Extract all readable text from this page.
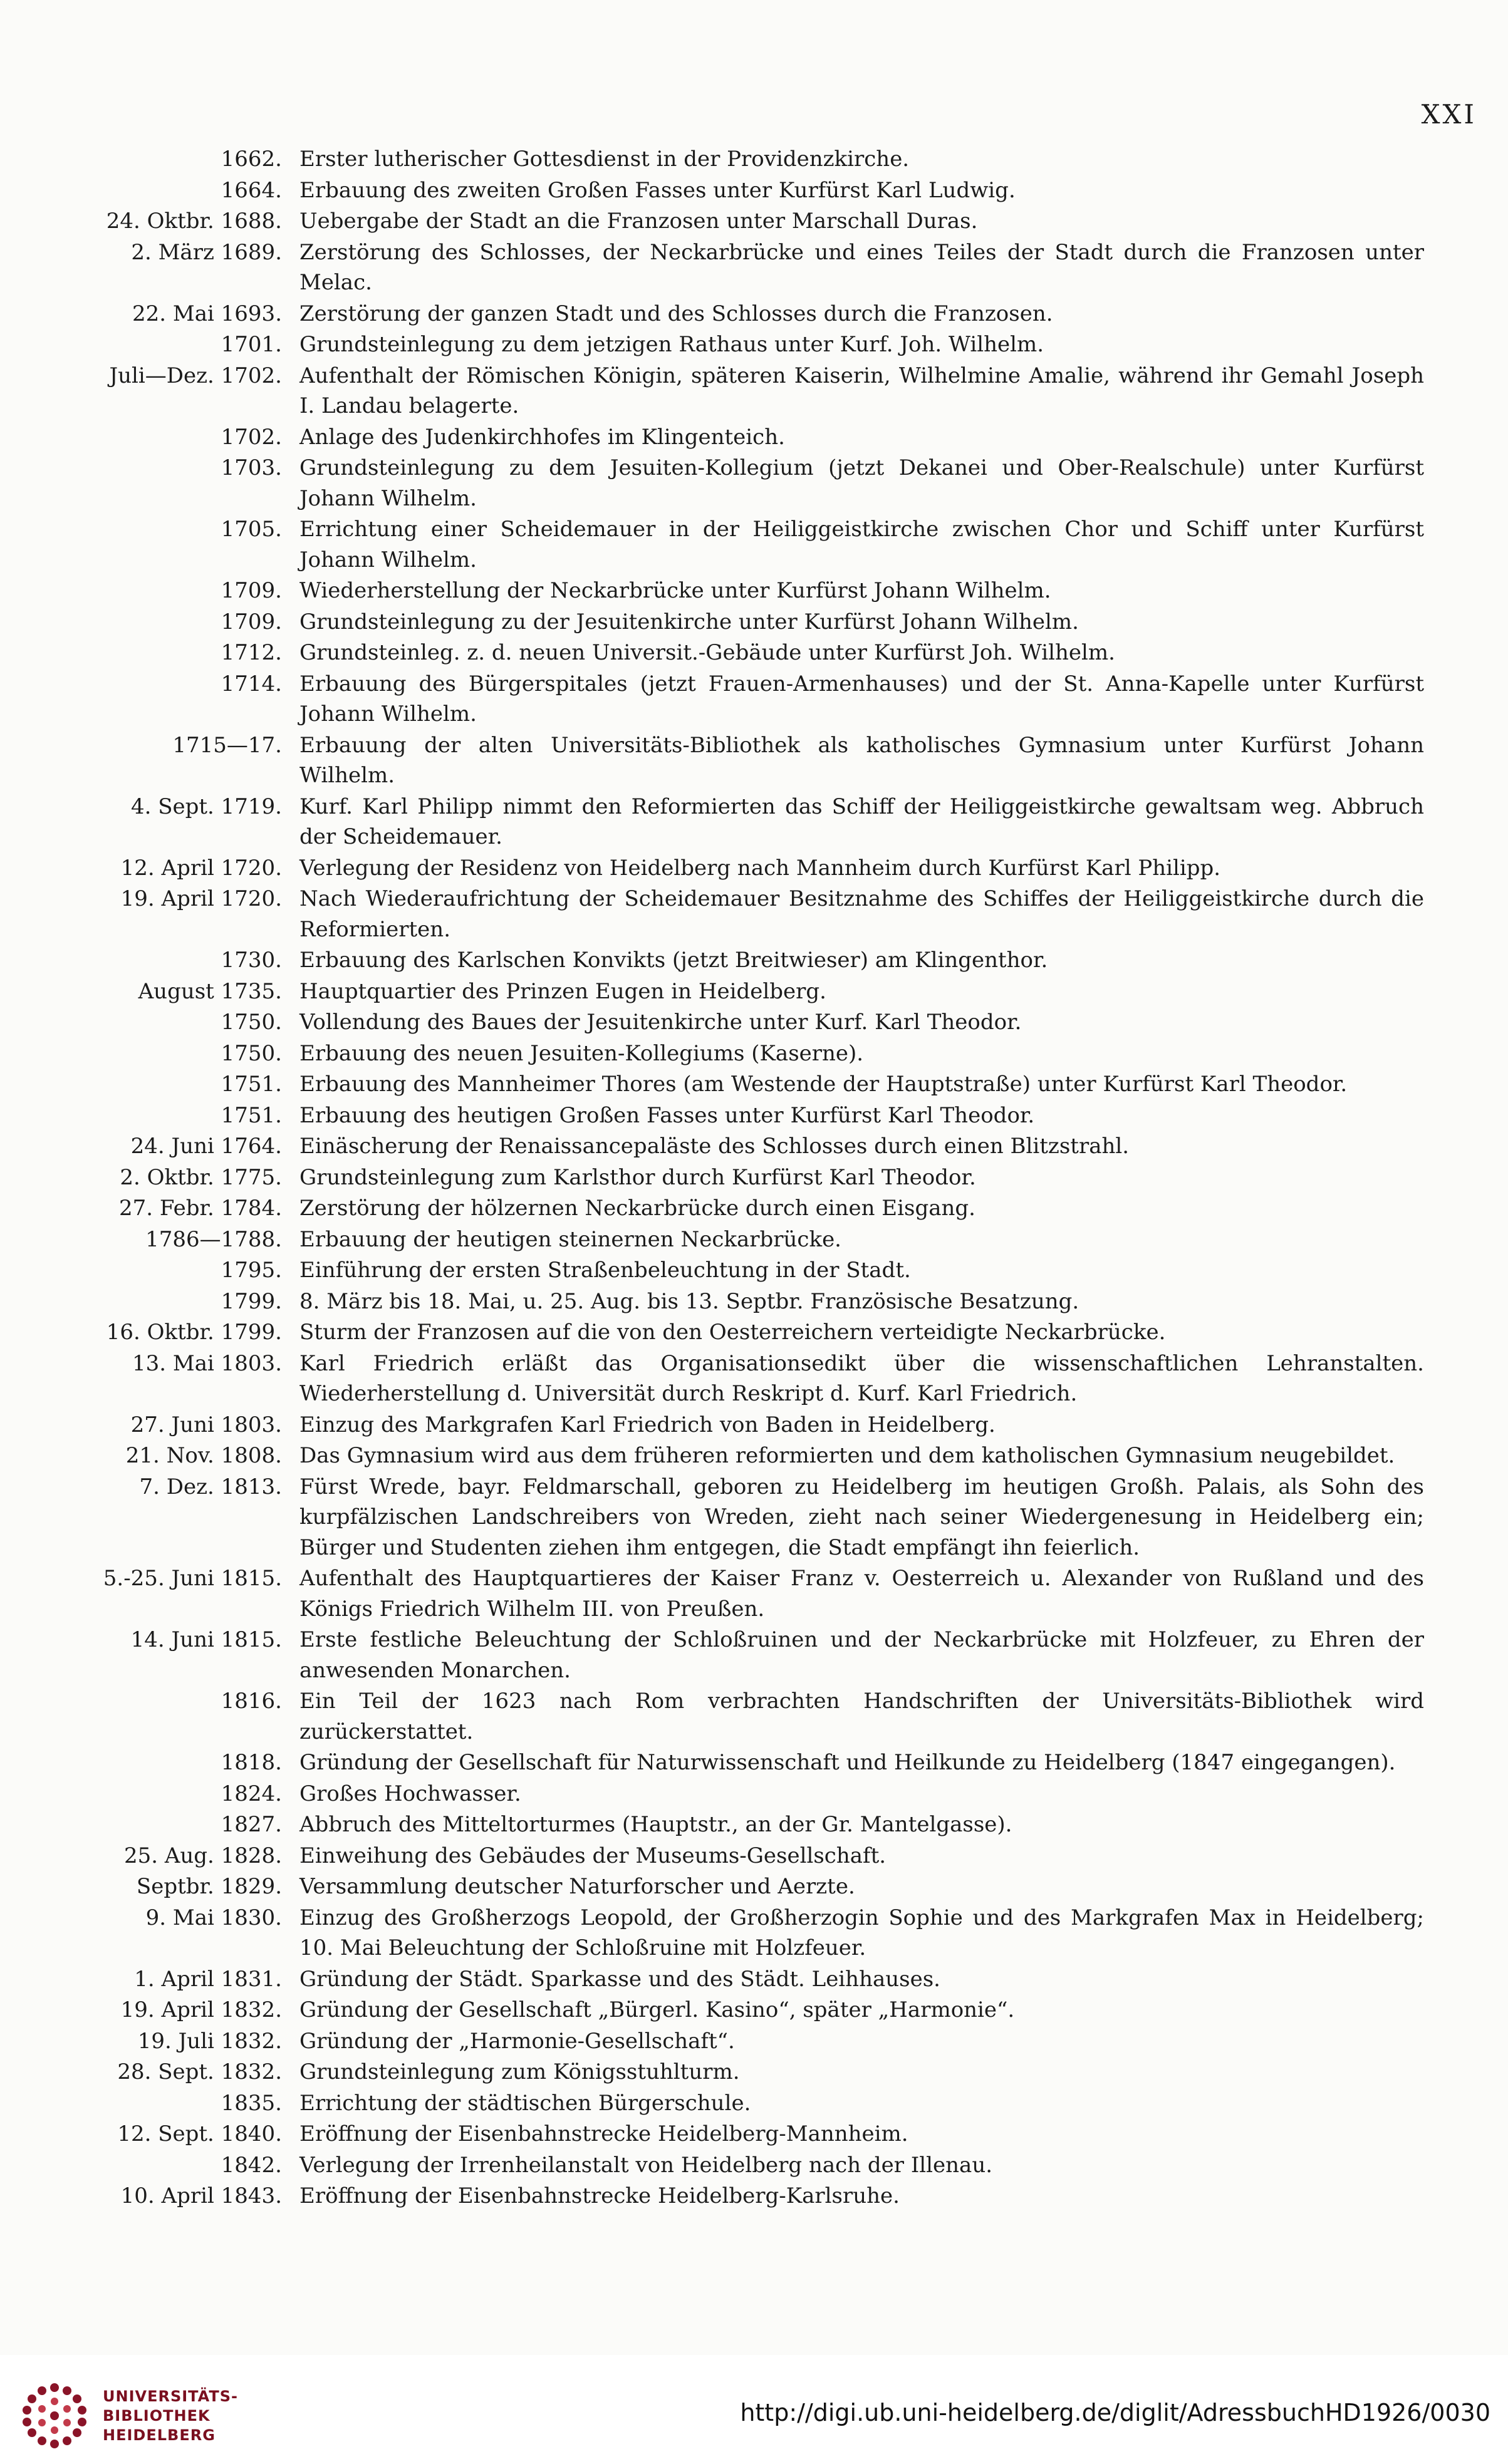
XXI
1662. Erster lutherischer Gottesdienst in der Providenzkirche.
1664. Erbauung des zweiten Großen Fasses unter Kurfürst Karl Ludwig.
24. Oktbr. 1688. Uebergabe der Stadt an die Franzosen unter Marschall Duras.
2. März 1689. Zerstörung des Schlosses, der Neckarbrücke und eines Teiles der Stadt durch die Franzosen unter Melac.
22. Mai 1693. Zerstörung der ganzen Stadt und des Schlosses durch die Franzosen.
1701. Grundsteinlegung zu dem jetzigen Rathaus unter Kurf. Joh. Wilhelm.
Juli—Dez. 1702. Aufenthalt der Römischen Königin, späteren Kaiserin, Wilhelmine Amalie, während ihr Gemahl Joseph I. Landau belagerte.
1702. Anlage des Judenkirchhofes im Klingenteich.
1703. Grundsteinlegung zu dem Jesuiten-Kollegium (jetzt Dekanei und Ober-Realschule) unter Kurfürst Johann Wilhelm.
1705. Errichtung einer Scheidemauer in der Heiliggeistkirche zwischen Chor und Schiff unter Kurfürst Johann Wilhelm.
1709. Wiederherstellung der Neckarbrücke unter Kurfürst Johann Wilhelm.
1709. Grundsteinlegung zu der Jesuitenkirche unter Kurfürst Johann Wilhelm.
1712. Grundsteinleg. z. d. neuen Universit.-Gebäude unter Kurfürst Joh. Wilhelm.
1714. Erbauung des Bürgerspitales (jetzt Frauen-Armenhauses) und der St. Anna-Kapelle unter Kurfürst Johann Wilhelm.
1715—17. Erbauung der alten Universitäts-Bibliothek als katholisches Gymnasium unter Kurfürst Johann Wilhelm.
4. Sept. 1719. Kurf. Karl Philipp nimmt den Reformierten das Schiff der Heiliggeistkirche gewaltsam weg. Abbruch der Scheidemauer.
12. April 1720. Verlegung der Residenz von Heidelberg nach Mannheim durch Kurfürst Karl Philipp.
19. April 1720. Nach Wiederaufrichtung der Scheidemauer Besitznahme des Schiffes der Heiliggeistkirche durch die Reformierten.
1730. Erbauung des Karlschen Konvikts (jetzt Breitwieser) am Klingenthor.
August 1735. Hauptquartier des Prinzen Eugen in Heidelberg.
1750. Vollendung des Baues der Jesuitenkirche unter Kurf. Karl Theodor.
1750. Erbauung des neuen Jesuiten-Kollegiums (Kaserne).
1751. Erbauung des Mannheimer Thores (am Westende der Hauptstraße) unter Kurfürst Karl Theodor.
1751. Erbauung des heutigen Großen Fasses unter Kurfürst Karl Theodor.
24. Juni 1764. Einäscherung der Renaissancepaläste des Schlosses durch einen Blitzstrahl.
2. Oktbr. 1775. Grundsteinlegung zum Karlsthor durch Kurfürst Karl Theodor.
27. Febr. 1784. Zerstörung der hölzernen Neckarbrücke durch einen Eisgang.
1786—1788. Erbauung der heutigen steinernen Neckarbrücke.
1795. Einführung der ersten Straßenbeleuchtung in der Stadt.
1799. 8. März bis 18. Mai, u. 25. Aug. bis 13. Septbr. Französische Besatzung.
16. Oktbr. 1799. Sturm der Franzosen auf die von den Oesterreichern verteidigte Neckarbrücke.
13. Mai 1803. Karl Friedrich erläßt das Organisationsedikt über die wissenschaftlichen Lehranstalten. Wiederherstellung d. Universität durch Reskript d. Kurf. Karl Friedrich.
27. Juni 1803. Einzug des Markgrafen Karl Friedrich von Baden in Heidelberg.
21. Nov. 1808. Das Gymnasium wird aus dem früheren reformierten und dem katholischen Gymnasium neugebildet.
7. Dez. 1813. Fürst Wrede, bayr. Feldmarschall, geboren zu Heidelberg im heutigen Großh. Palais, als Sohn des kurpfälzischen Landschreibers von Wreden, zieht nach seiner Wiedergenesung in Heidelberg ein; Bürger und Studenten ziehen ihm entgegen, die Stadt empfängt ihn feierlich.
5.-25. Juni 1815. Aufenthalt des Hauptquartieres der Kaiser Franz v. Oesterreich u. Alexander von Rußland und des Königs Friedrich Wilhelm III. von Preußen.
14. Juni 1815. Erste festliche Beleuchtung der Schloßruinen und der Neckarbrücke mit Holzfeuer, zu Ehren der anwesenden Monarchen.
1816. Ein Teil der 1623 nach Rom verbrachten Handschriften der Universitäts-Bibliothek wird zurückerstattet.
1818. Gründung der Gesellschaft für Naturwissenschaft und Heilkunde zu Heidelberg (1847 eingegangen).
1824. Großes Hochwasser.
1827. Abbruch des Mitteltorturmes (Hauptstr., an der Gr. Mantelgasse).
25. Aug. 1828. Einweihung des Gebäudes der Museums-Gesellschaft.
Septbr. 1829. Versammlung deutscher Naturforscher und Aerzte.
9. Mai 1830. Einzug des Großherzogs Leopold, der Großherzogin Sophie und des Markgrafen Max in Heidelberg; 10. Mai Beleuchtung der Schloßruine mit Holzfeuer.
1. April 1831. Gründung der Städt. Sparkasse und des Städt. Leihhauses.
19. April 1832. Gründung der Gesellschaft „Bürgerl. Kasino“, später „Harmonie“.
19. Juli 1832. Gründung der „Harmonie-Gesellschaft“.
28. Sept. 1832. Grundsteinlegung zum Königsstuhlturm.
1835. Errichtung der städtischen Bürgerschule.
12. Sept. 1840. Eröffnung der Eisenbahnstrecke Heidelberg-Mannheim.
1842. Verlegung der Irrenheilanstalt von Heidelberg nach der Illenau.
10. April 1843. Eröffnung der Eisenbahnstrecke Heidelberg-Karlsruhe.
UNIVERSITÄTS-
BIBLIOTHEK
HEIDELBERG
http://digi.ub.uni-heidelberg.de/diglit/AdressbuchHD1926/0030
